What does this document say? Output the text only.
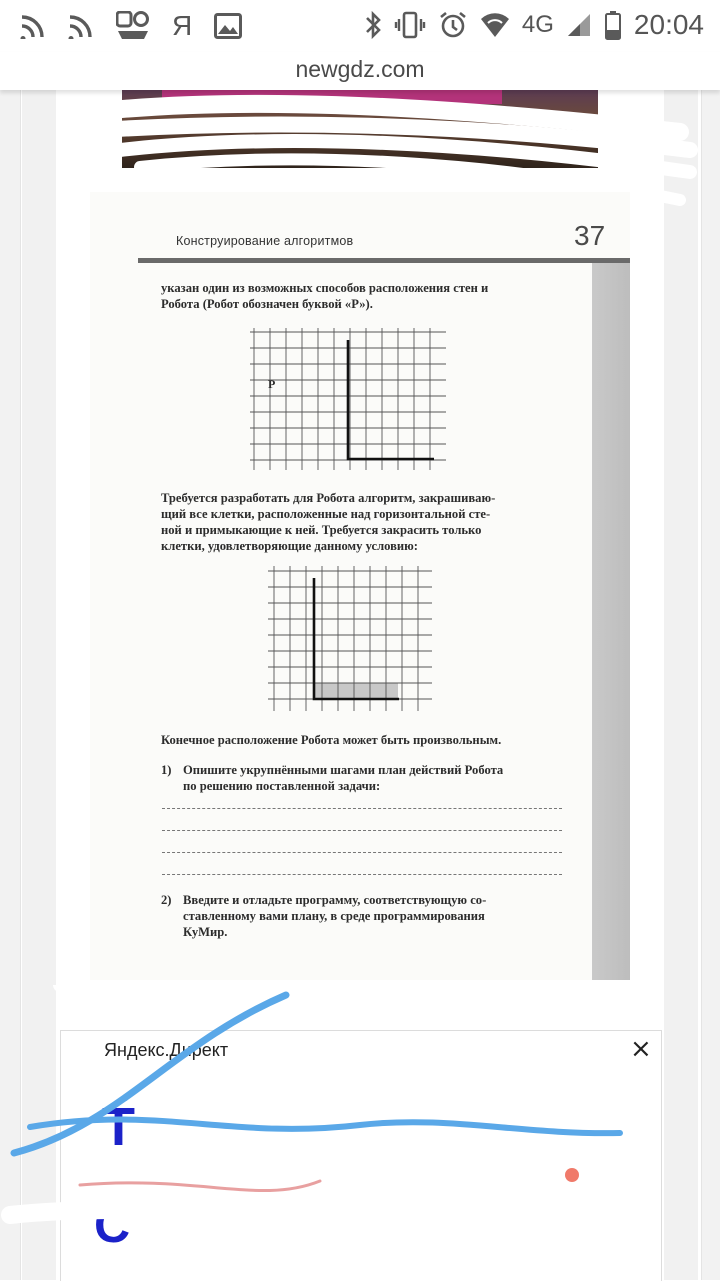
Я	4G	20:04
newgdz.com
Конструирование алгоритмов	37
указан один из возможных способов расположения стен и
Робота (Робот обозначен буквой «Р»).
Р
Требуется разработать для Робота алгоритм, закрашиваю-
щий все клетки, расположенные над горизонтальной сте-
ной и примыкающие к ней. Требуется закрасить только
клетки, удовлетворяющие данному условию:
Конечное расположение Робота может быть произвольным.
1) Опишите укрупнёнными шагами план действий Робота
по решению поставленной задачи:
2) Введите и отладьте программу, соответствующую со-
ставленному вами плану, в среде программирования
КуМир.
Яндекс.Директ	×
Т
С
